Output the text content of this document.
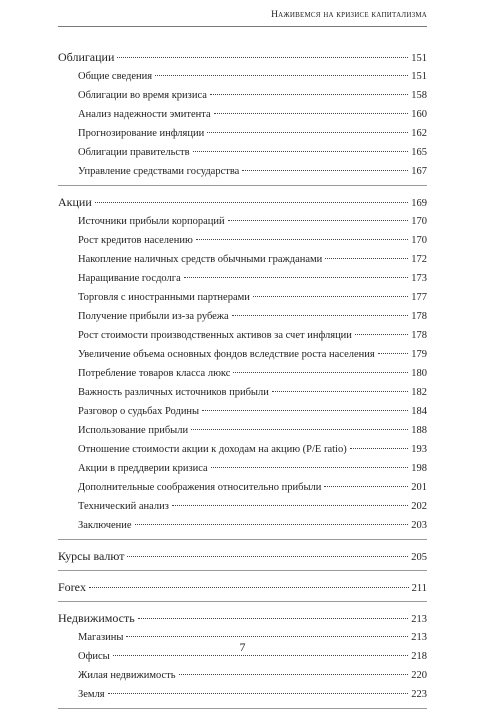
Наживемся на кризисе капитализма
Облигации	151
Общие сведения	151
Облигации во время кризиса	158
Анализ надежности эмитента	160
Прогнозирование инфляции	162
Облигации правительств	165
Управление средствами государства	167
Акции	169
Источники прибыли корпораций	170
Рост кредитов населению	170
Накопление наличных средств обычными гражданами	172
Наращивание госдолга	173
Торговля с иностранными партнерами	177
Получение прибыли из-за рубежа	178
Рост стоимости производственных активов за счет инфляции	178
Увеличение объема основных фондов вследствие роста населения	179
Потребление товаров класса люкс	180
Важность различных источников прибыли	182
Разговор о судьбах Родины	184
Использование прибыли	188
Отношение стоимости акции к доходам на акцию (P/E ratio)	193
Акции в преддверии кризиса	198
Дополнительные соображения относительно прибыли	201
Технический анализ	202
Заключение	203
Курсы валют	205
Forex	211
Недвижимость	213
Магазины	213
Офисы	218
Жилая недвижимость	220
Земля	223
7
